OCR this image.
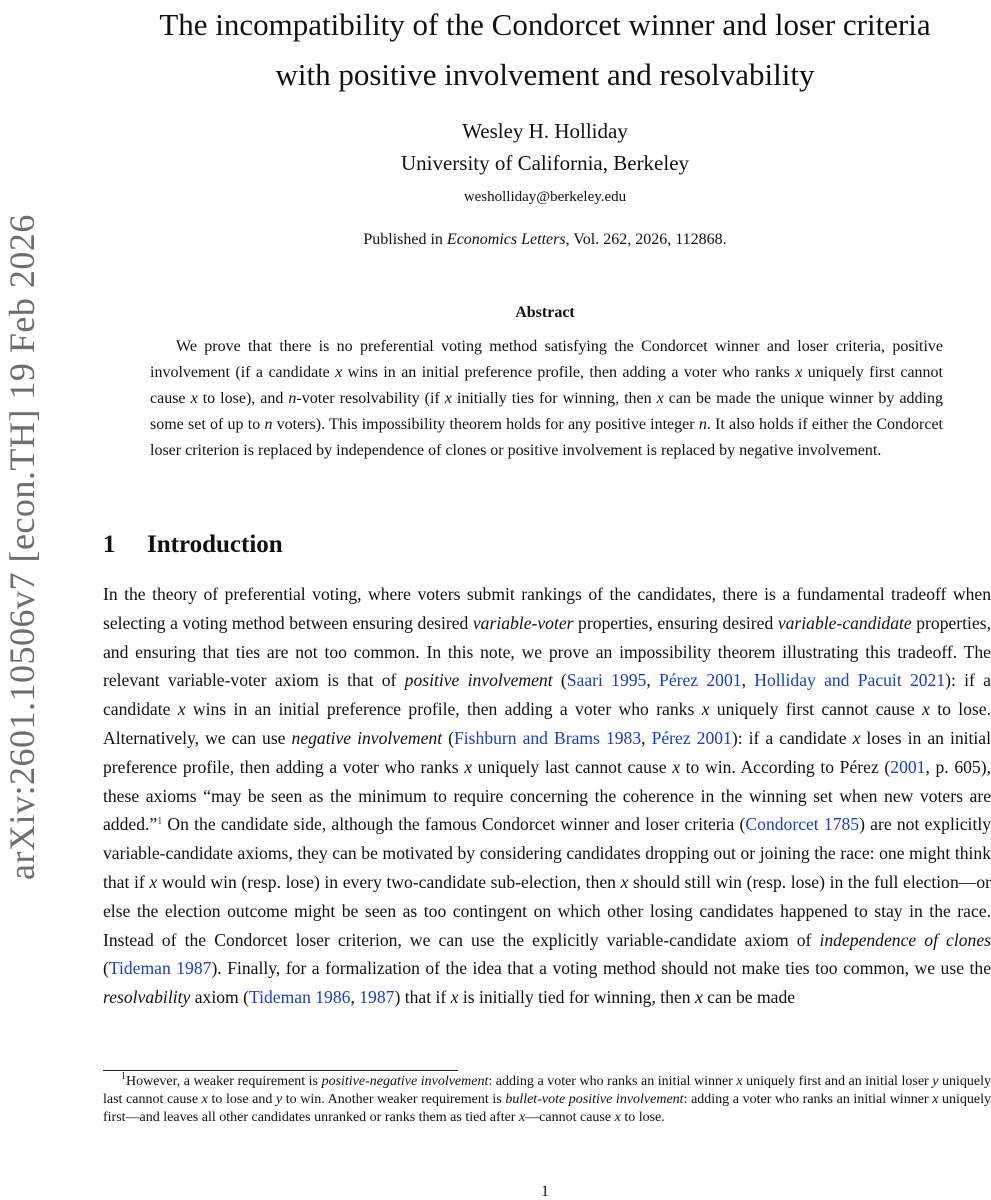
arXiv:2601.10506v7 [econ.TH] 19 Feb 2026
The incompatibility of the Condorcet winner and loser criteria
with positive involvement and resolvability
Wesley H. Holliday
University of California, Berkeley
wesholliday@berkeley.edu
Published in Economics Letters, Vol. 262, 2026, 112868.
Abstract

We prove that there is no preferential voting method satisfying the Condorcet winner and loser criteria, positive involvement (if a candidate x wins in an initial preference profile, then adding a voter who ranks x uniquely first cannot cause x to lose), and n-voter resolvability (if x initially ties for winning, then x can be made the unique winner by adding some set of up to n voters). This impossibility theorem holds for any positive integer n. It also holds if either the Condorcet loser criterion is replaced by independence of clones or positive involvement is replaced by negative involvement.

1 Introduction

In the theory of preferential voting, where voters submit rankings of the candidates, there is a fundamental tradeoff when selecting a voting method between ensuring desired variable-voter properties, ensuring desired variable-candidate properties, and ensuring that ties are not too common. In this note, we prove an impossibility theorem illustrating this tradeoff. The relevant variable-voter axiom is that of positive involvement (Saari 1995, Pérez 2001, Holliday and Pacuit 2021): if a candidate x wins in an initial preference profile, then adding a voter who ranks x uniquely first cannot cause x to lose. Alternatively, we can use negative involvement (Fishburn and Brams 1983, Pérez 2001): if a candidate x loses in an initial preference profile, then adding a voter who ranks x uniquely last cannot cause x to win. According to Pérez (2001, p. 605), these axioms “may be seen as the minimum to require concerning the coherence in the winning set when new voters are added.”$^1$ On the candidate side, although the famous Condorcet winner and loser criteria (Condorcet 1785) are not explicitly variable-candidate axioms, they can be motivated by considering candidates dropping out or joining the race: one might think that if x would win (resp. lose) in every two-candidate sub-election, then x should still win (resp. lose) in the full election—or else the election outcome might be seen as too contingent on which other losing candidates happened to stay in the race. Instead of the Condorcet loser criterion, we can use the explicitly variable-candidate axiom of independence of clones (Tideman 1987). Finally, for a formalization of the idea that a voting method should not make ties too common, we use the resolvability axiom (Tideman 1986, 1987) that if x is initially tied for winning, then x can be made

$^1$However, a weaker requirement is positive-negative involvement: adding a voter who ranks an initial winner x uniquely first and an initial loser y uniquely last cannot cause x to lose and y to win. Another weaker requirement is bullet-vote positive involvement: adding a voter who ranks an initial winner x uniquely first—and leaves all other candidates unranked or ranks them as tied after x—cannot cause x to lose.

1
